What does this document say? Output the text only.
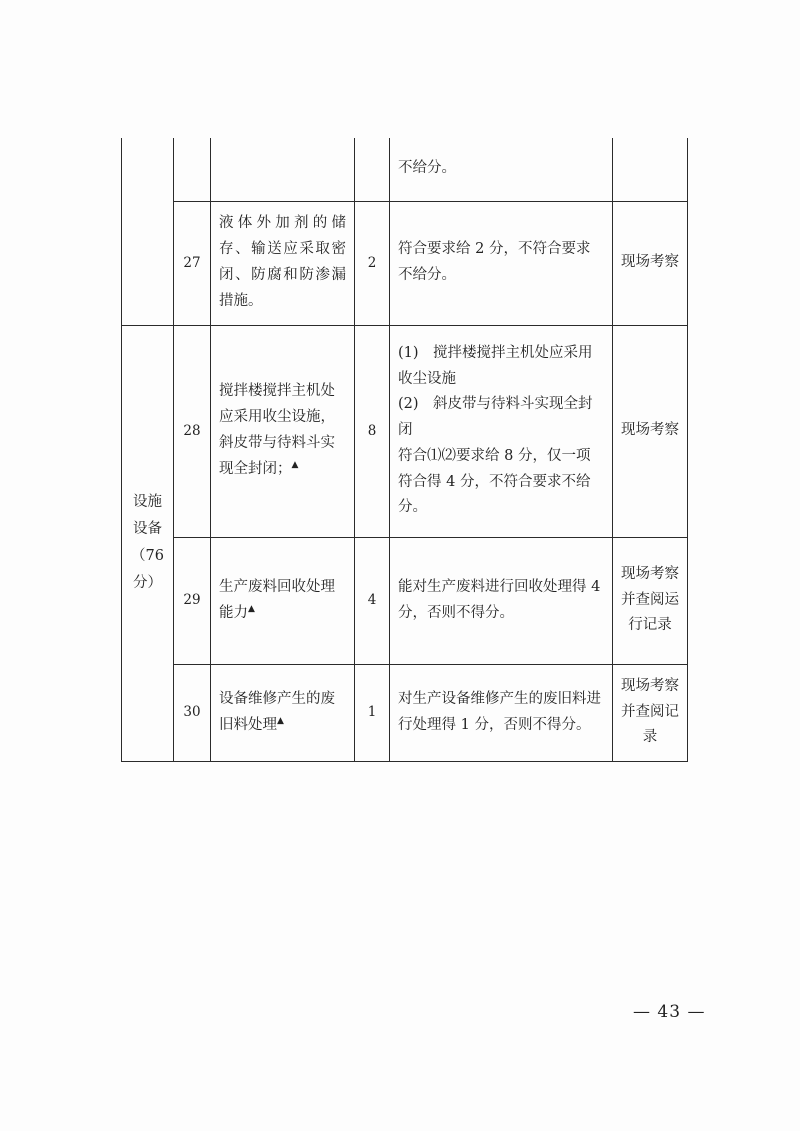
				不给分。	

	27	液体外加剂的储存、输送应采取密闭、防腐和防渗漏措施。	2	符合要求给 2 分，不符合要求不给分。	现场考察

设施
设备
（76
分）	28	搅拌楼搅拌主机处应采用收尘设施，斜皮带与待料斗实现全封闭；▲	8	(1)　搅拌楼搅拌主机处应采用收尘设施
(2)　斜皮带与待料斗实现全封闭
符合⑴⑵要求给 8 分，仅一项符合得 4 分，不符合要求不给分。	现场考察

	29	生产废料回收处理能力▲	4	能对生产废料进行回收处理得 4 分，否则不得分。	现场考察并查阅运行记录

	30	设备维修产生的废旧料处理▲	1	对生产设备维修产生的废旧料进行处理得 1 分，否则不得分。	现场考察并查阅记录
— 43 —
